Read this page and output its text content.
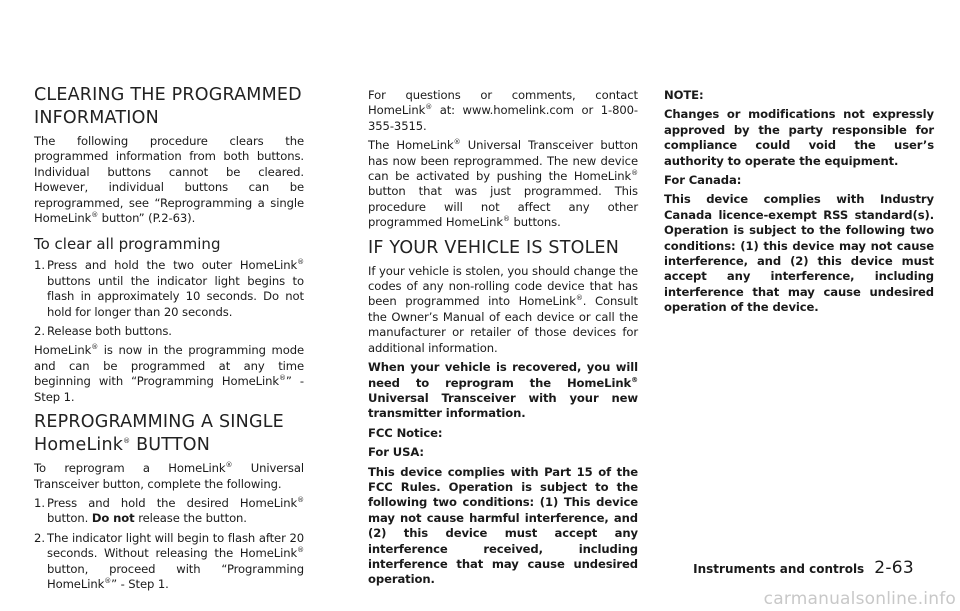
CLEARING THE PROGRAMMED
INFORMATION

The following procedure clears the programmed information from both buttons. Individual buttons cannot be cleared. However, individual buttons can be reprogrammed, see “Reprogramming a single HomeLink® button” (P.2-63).

To clear all programming
1. Press and hold the two outer HomeLink® buttons until the indicator light begins to flash in approximately 10 seconds. Do not hold for longer than 20 seconds.

2. Release both buttons.

HomeLink® is now in the programming mode and can be programmed at any time beginning with “Programming HomeLink®” - Step 1.

REPROGRAMMING A SINGLE
HomeLink® BUTTON

To reprogram a HomeLink® Universal Transceiver button, complete the following.

1. Press and hold the desired HomeLink® button. Do not release the button.

2. The indicator light will begin to flash after 20 seconds. Without releasing the HomeLink® button, proceed with “Programming HomeLink®” - Step 1.

For questions or comments, contact HomeLink® at: www.homelink.com or 1-800-355-3515.

The HomeLink® Universal Transceiver button has now been reprogrammed. The new device can be activated by pushing the HomeLink® button that was just programmed. This procedure will not affect any other programmed HomeLink® buttons.

IF YOUR VEHICLE IS STOLEN

If your vehicle is stolen, you should change the codes of any non-rolling code device that has been programmed into HomeLink®. Consult the Owner’s Manual of each device or call the manufacturer or retailer of those devices for additional information.

When your vehicle is recovered, you will need to reprogram the HomeLink® Universal Transceiver with your new transmitter information.

FCC Notice:

For USA:

This device complies with Part 15 of the FCC Rules. Operation is subject to the following two conditions: (1) This device may not cause harmful interference, and (2) this device must accept any interference received, including interference that may cause undesired operation.

NOTE:

Changes or modifications not expressly approved by the party responsible for compliance could void the user’s authority to operate the equipment.

For Canada:

This device complies with Industry Canada licence-exempt RSS standard(s). Operation is subject to the following two conditions: (1) this device may not cause interference, and (2) this device must accept any interference, including interference that may cause undesired operation of the device.

Instruments and controls 2-63
carmanualsonline.info
